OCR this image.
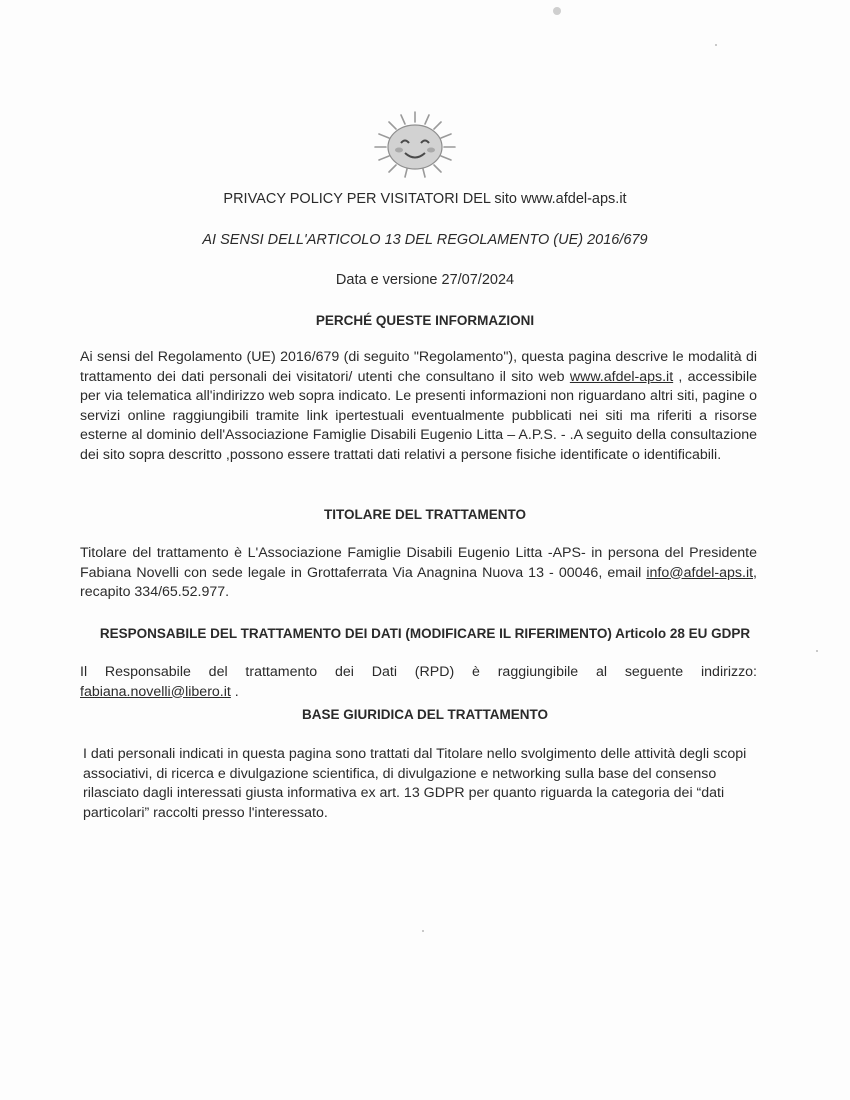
PRIVACY POLICY PER VISITATORI DEL sito www.afdel-aps.it
AI SENSI DELL'ARTICOLO 13 DEL REGOLAMENTO (UE) 2016/679
Data e versione 27/07/2024
PERCHÉ QUESTE INFORMAZIONI
Ai sensi del Regolamento (UE) 2016/679 (di seguito "Regolamento"), questa pagina descrive le modalità di trattamento dei dati personali dei visitatori/ utenti che consultano il sito web www.afdel-aps.it , accessibile per via telematica all'indirizzo web sopra indicato. Le presenti informazioni non riguardano altri siti, pagine o servizi online raggiungibili tramite link ipertestuali eventualmente pubblicati nei siti ma riferiti a risorse esterne al dominio dell'Associazione Famiglie Disabili Eugenio Litta – A.P.S. - .A seguito della consultazione dei sito sopra descritto ,possono essere trattati dati relativi a persone fisiche identificate o identificabili.
TITOLARE DEL TRATTAMENTO
Titolare del trattamento è L'Associazione Famiglie Disabili Eugenio Litta -APS- in persona del Presidente Fabiana Novelli con sede legale in Grottaferrata Via Anagnina Nuova 13 - 00046, email info@afdel-aps.it, recapito 334/65.52.977.
RESPONSABILE DEL TRATTAMENTO DEI DATI (MODIFICARE IL RIFERIMENTO) Articolo 28 EU GDPR
Il Responsabile del trattamento dei Dati (RPD) è raggiungibile al seguente indirizzo: fabiana.novelli@libero.it .
BASE GIURIDICA DEL TRATTAMENTO
I dati personali indicati in questa pagina sono trattati dal Titolare nello svolgimento delle attività degli scopi associativi, di ricerca e divulgazione scientifica, di divulgazione e networking sulla base del consenso rilasciato dagli interessati giusta informativa ex art. 13 GDPR per quanto riguarda la categoria dei “dati particolari” raccolti presso l'interessato.
